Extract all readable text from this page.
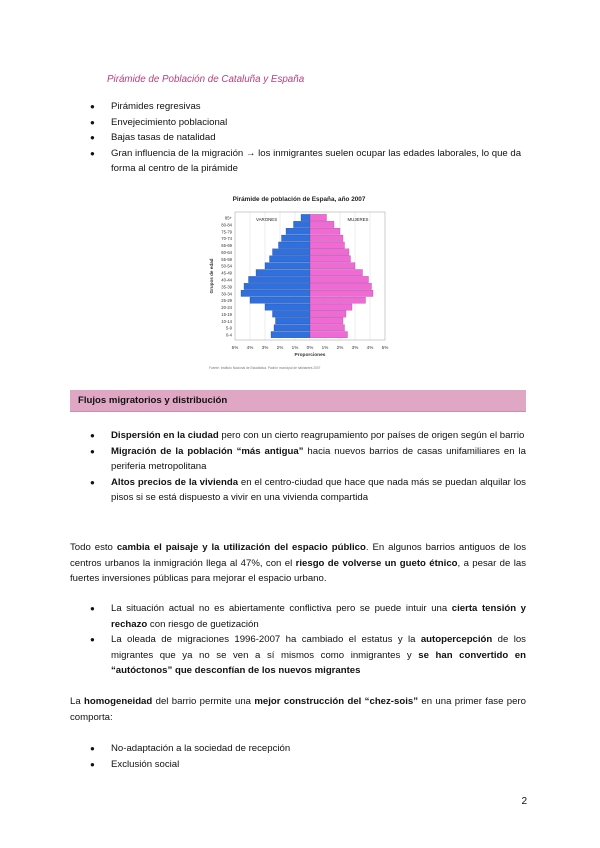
Pirámide de Población de Cataluña y España
● Pirámides regresivas
● Envejecimiento poblacional
● Bajas tasas de natalidad
● Gran influencia de la migración → los inmigrantes suelen ocupar las edades laborales, lo que da forma al centro de la pirámide
Pirámide de población de España, año 2007
0-4
5-9
10-14
15-19
20-24
25-29
30-34
35-39
40-44
45-49
50-54
55-59
60-64
65-69
70-74
75-79
80-84
85+	VARONES	MUJERES
5% 4% 3% 2% 1% 0% 1% 2% 3% 4% 5%
Proporciones
Grupos de edad
Fuente: Instituto Nacional de Estadística. Padrón municipal de habitantes 2007
Flujos migratorios y distribución
● Dispersión en la ciudad pero con un cierto reagrupamiento por países de origen según el barrio
● Migración de la población “más antigua” hacia nuevos barrios de casas unifamiliares en la periferia metropolitana
● Altos precios de la vivienda en el centro-ciudad que hace que nada más se puedan alquilar los pisos si se está dispuesto a vivir en una vivienda compartida
Todo esto cambia el paisaje y la utilización del espacio público. En algunos barrios antiguos de los centros urbanos la inmigración llega al 47%, con el riesgo de volverse un gueto étnico, a pesar de las fuertes inversiones públicas para mejorar el espacio urbano.
● La situación actual no es abiertamente conflictiva pero se puede intuir una cierta tensión y rechazo con riesgo de guetización
● La oleada de migraciones 1996-2007 ha cambiado el estatus y la autopercepción de los migrantes que ya no se ven a sí mismos como inmigrantes y se han convertido en “autóctonos” que desconfían de los nuevos migrantes
La homogeneidad del barrio permite una mejor construcción del “chez-sois” en una primer fase pero comporta:
● No-adaptación a la sociedad de recepción
● Exclusión social
2
